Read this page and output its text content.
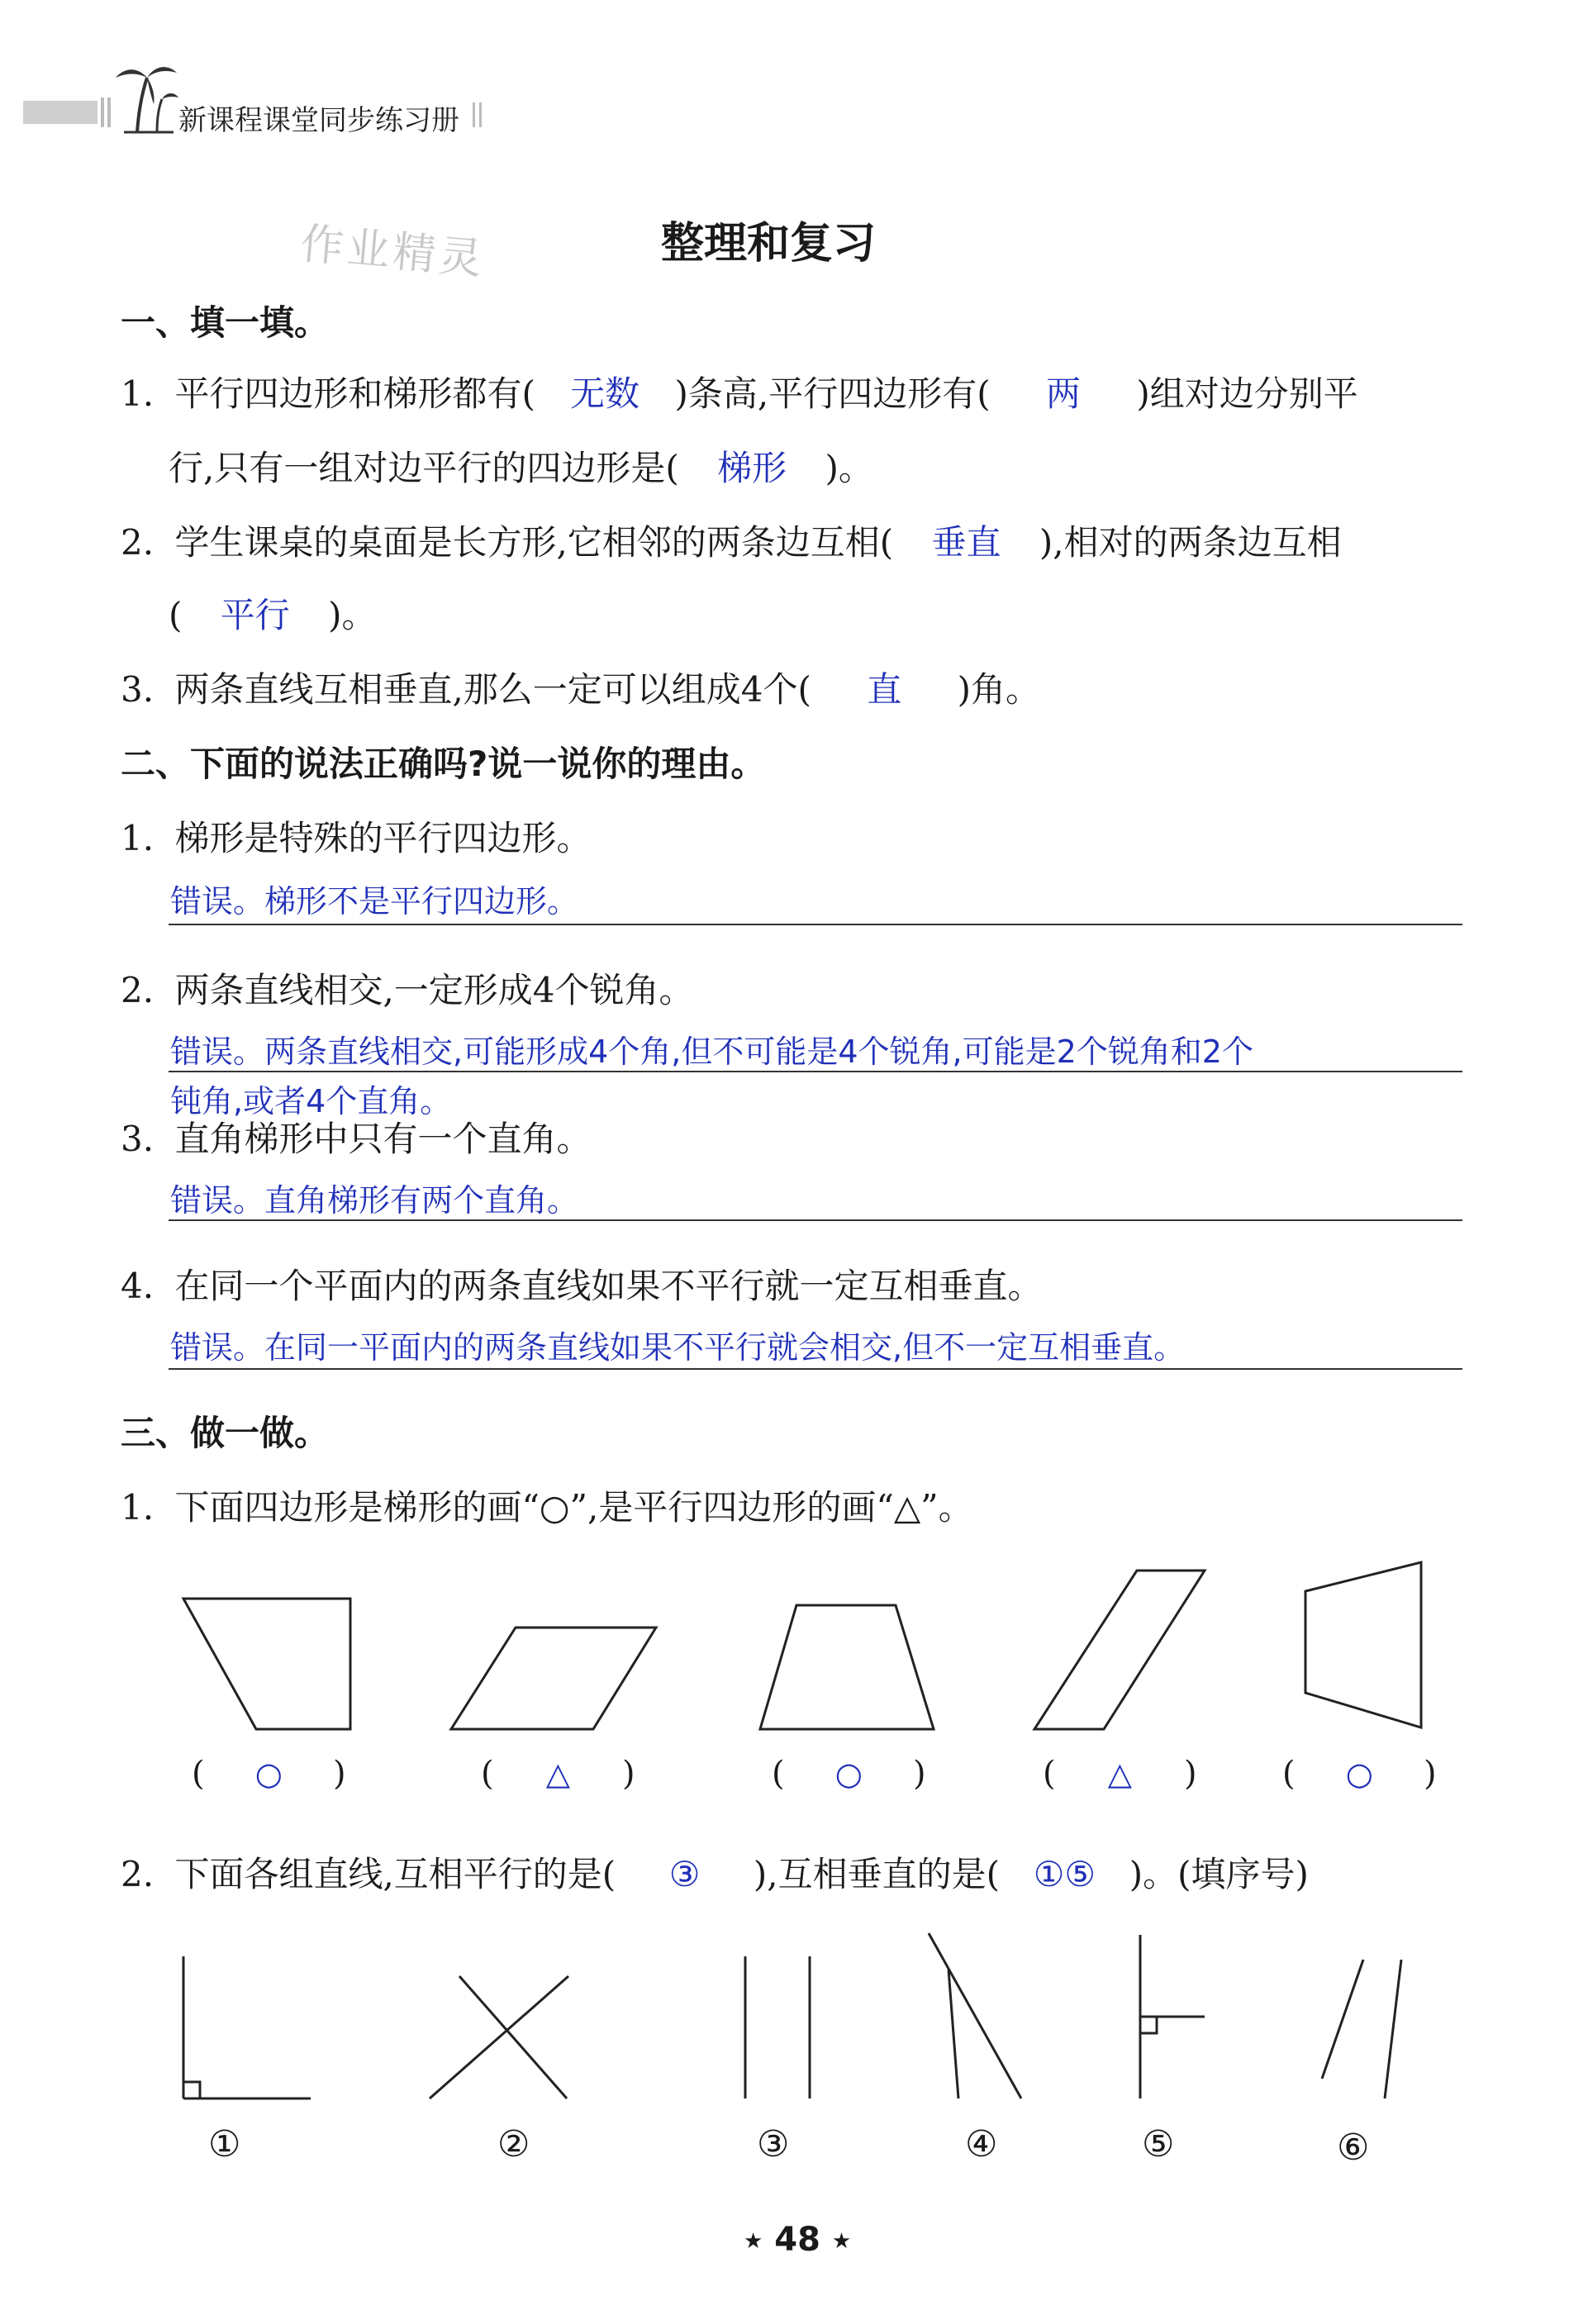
新课程课堂同步练习册
作业精灵	整理和复习
一、填一填。
1. 平行四边形和梯形都有( 无数 )条高,平行四边形有( 两 )组对边分别平
行,只有一组对边平行的四边形是( 梯形 )。
2. 学生课桌的桌面是长方形,它相邻的两条边互相( 垂直 ),相对的两条边互相
( 平行 )。
3. 两条直线互相垂直,那么一定可以组成4个( 直 )角。
二、下面的说法正确吗?说一说你的理由。
1. 梯形是特殊的平行四边形。
错误。梯形不是平行四边形。
2. 两条直线相交,一定形成4个锐角。
错误。两条直线相交,可能形成4个角,但不可能是4个锐角,可能是2个锐角和2个
钝角,或者4个直角。
3. 直角梯形中只有一个直角。
错误。直角梯形有两个直角。
4. 在同一个平面内的两条直线如果不平行就一定互相垂直。
错误。在同一平面内的两条直线如果不平行就会相交,但不一定互相垂直。
三、做一做。
1. 下面四边形是梯形的画“○”,是平行四边形的画“△”。
( ○ )	( △ )	( ○ )	( △ )	( ○ )
2. 下面各组直线,互相平行的是( ③ ),互相垂直的是( ①⑤ )。(填序号)
①	②	③	④	⑤	⑥
★ 48 ★
